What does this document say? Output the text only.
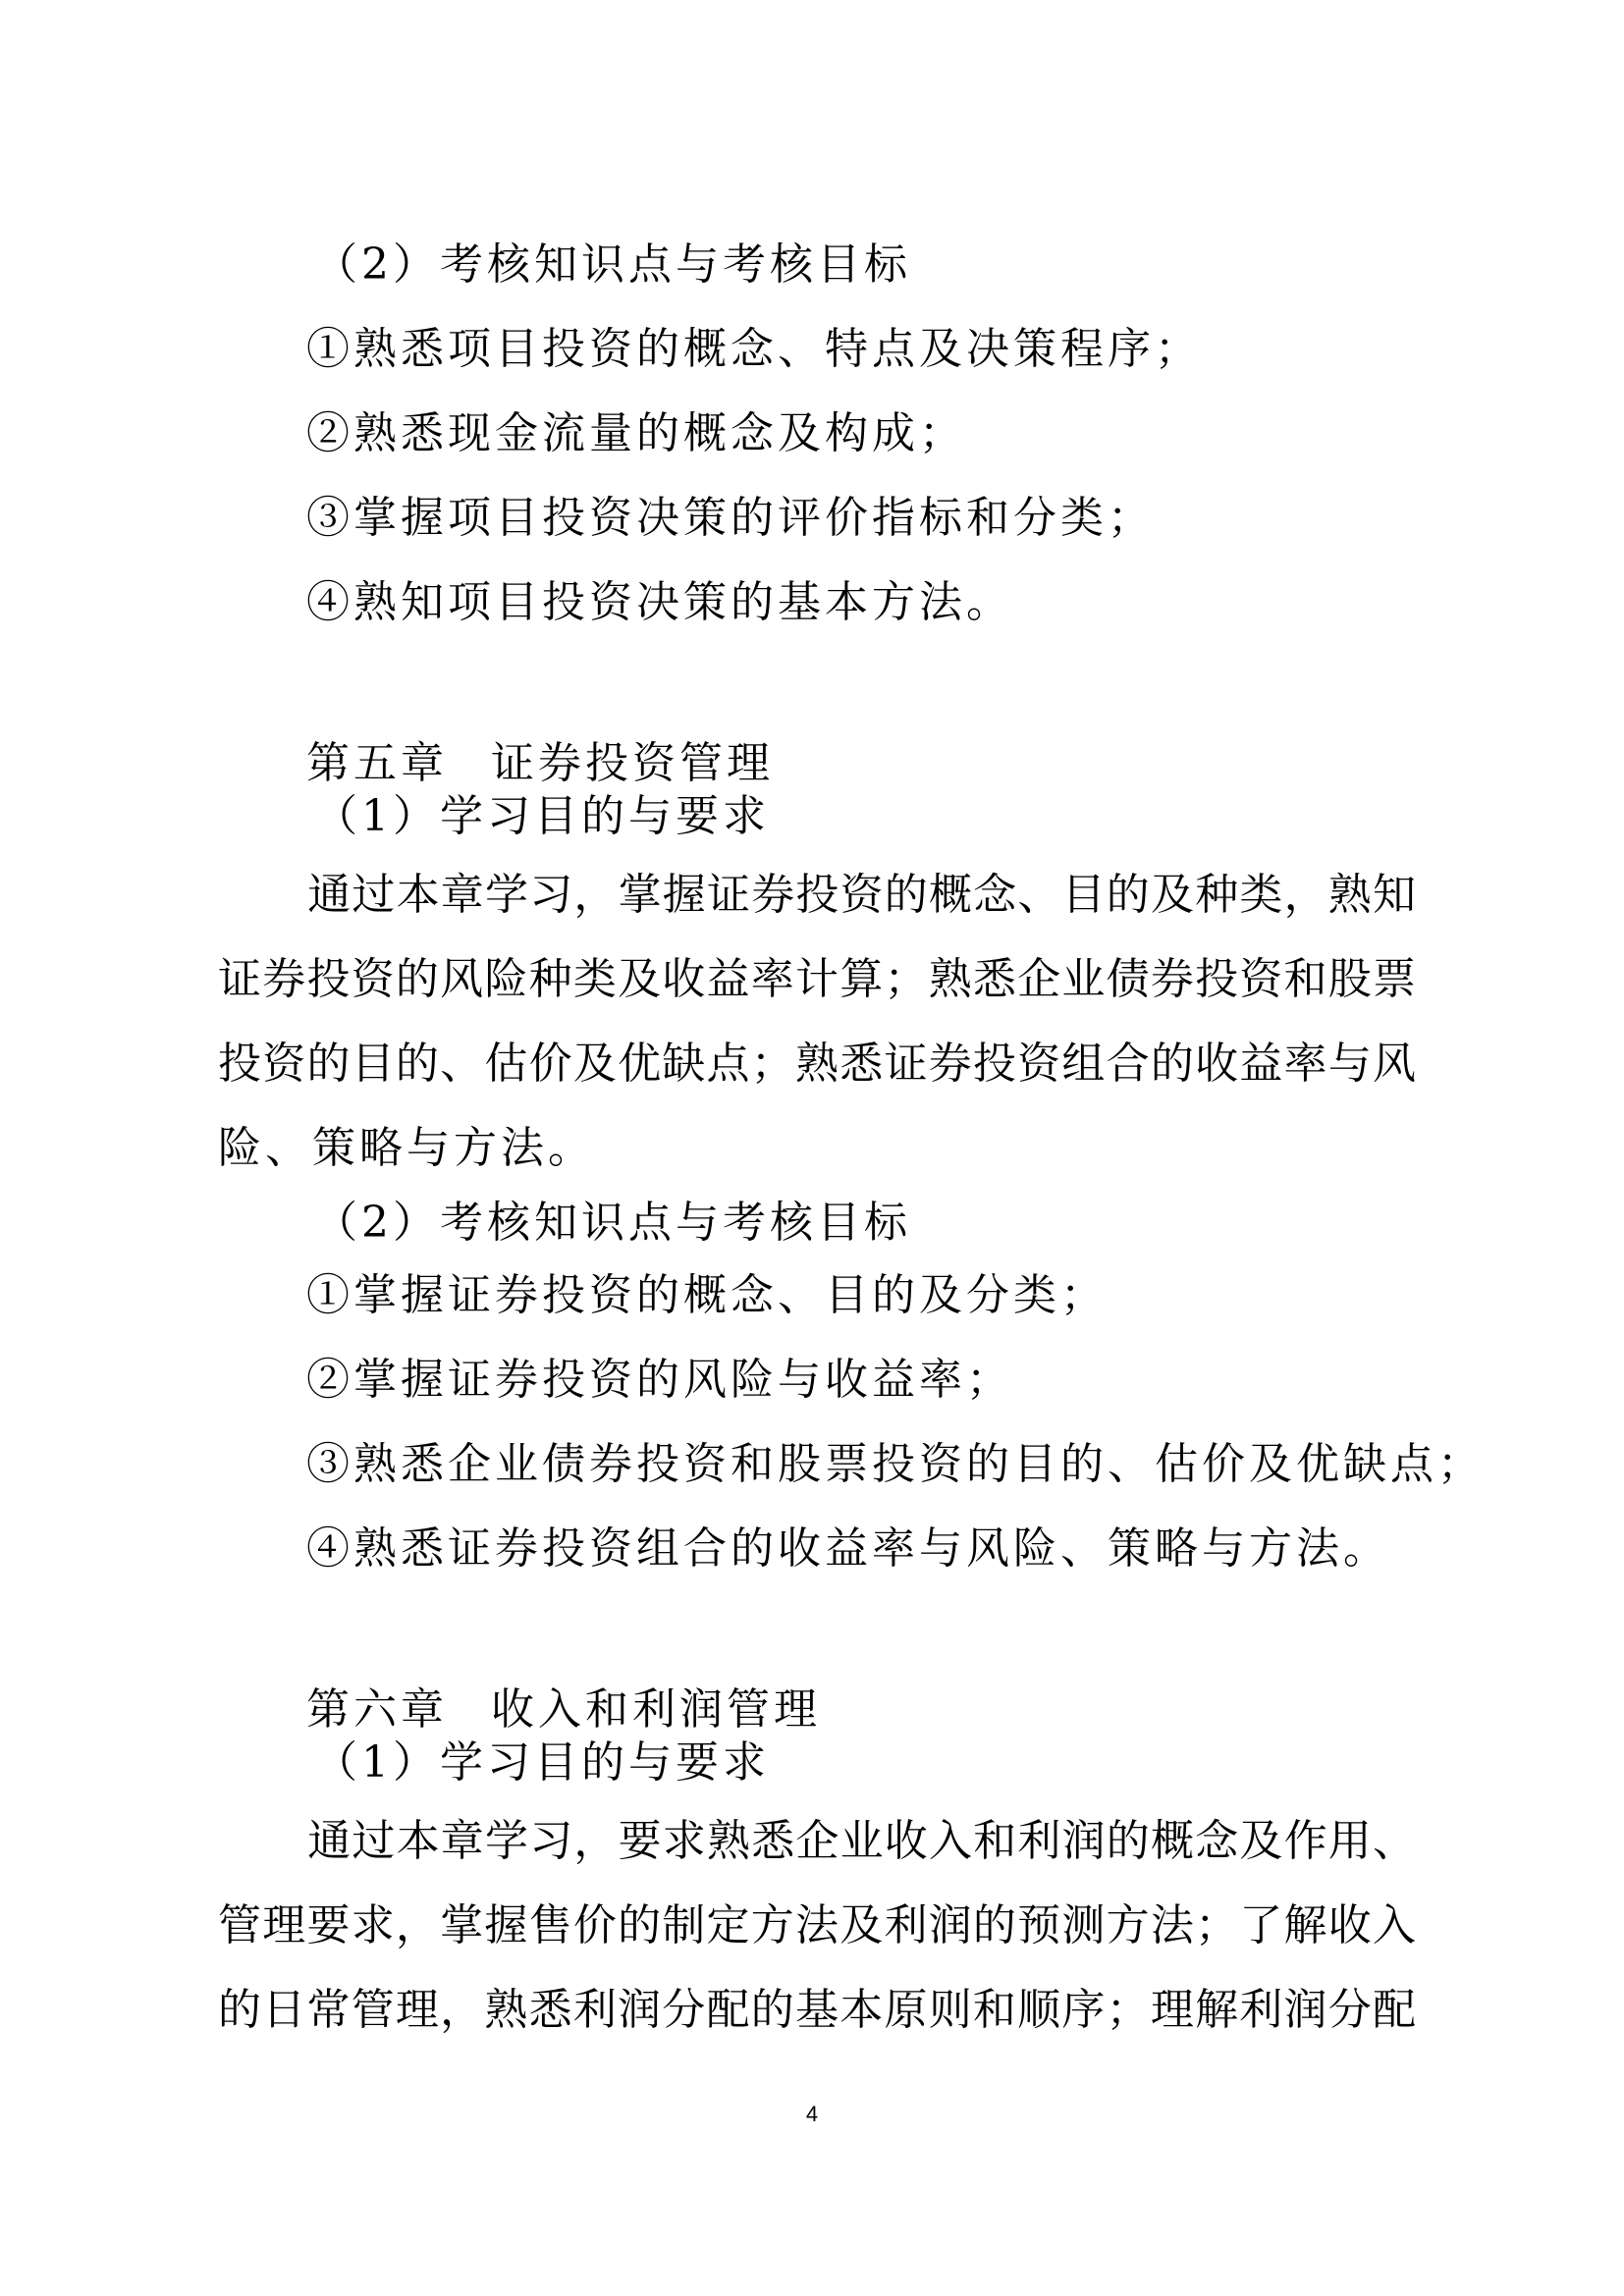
（2）考核知识点与考核目标
①熟悉项目投资的概念、特点及决策程序；
②熟悉现金流量的概念及构成；
③掌握项目投资决策的评价指标和分类；
④熟知项目投资决策的基本方法。
第五章 证券投资管理
（1）学习目的与要求
通过本章学习，掌握证券投资的概念、目的及种类，熟知
证券投资的风险种类及收益率计算；熟悉企业债券投资和股票
投资的目的、估价及优缺点；熟悉证券投资组合的收益率与风
险、策略与方法。
（2）考核知识点与考核目标
①掌握证券投资的概念、目的及分类；
②掌握证券投资的风险与收益率；
③熟悉企业债券投资和股票投资的目的、估价及优缺点；
④熟悉证券投资组合的收益率与风险、策略与方法。
第六章 收入和利润管理
（1）学习目的与要求
通过本章学习，要求熟悉企业收入和利润的概念及作用、
管理要求，掌握售价的制定方法及利润的预测方法；了解收入
的日常管理，熟悉利润分配的基本原则和顺序；理解利润分配
4
